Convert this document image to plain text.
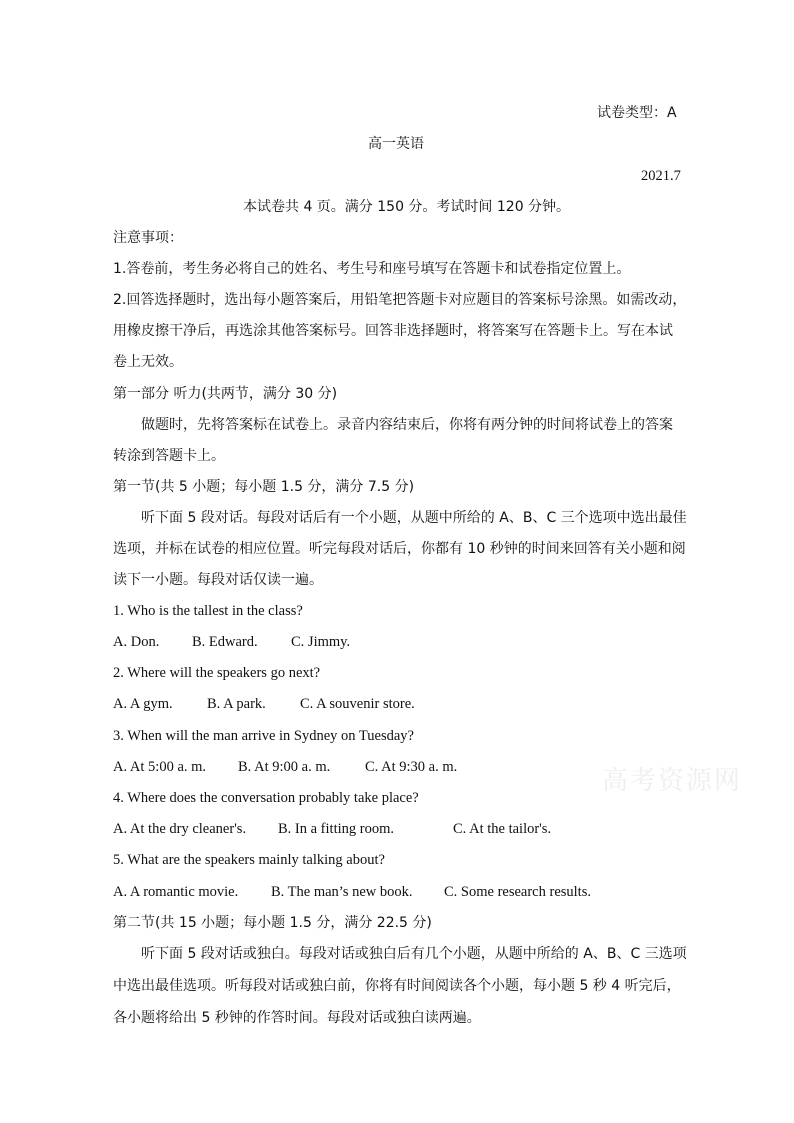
试卷类型：A
高一英语
2021.7
本试卷共 4 页。满分 150 分。考试时间 120 分钟。
注意事项：
1.答卷前，考生务必将自己的姓名、考生号和座号填写在答题卡和试卷指定位置上。
2.回答选择题时，选出每小题答案后，用铅笔把答题卡对应题目的答案标号涂黑。如需改动，
用橡皮擦干净后，再选涂其他答案标号。回答非选择题时，将答案写在答题卡上。写在本试
卷上无效。
第一部分 听力(共两节，满分 30 分)
做题时，先将答案标在试卷上。录音内容结束后，你将有两分钟的时间将试卷上的答案
转涂到答题卡上。
第一节(共 5 小题；每小题 1.5 分，满分 7.5 分)
听下面 5 段对话。每段对话后有一个小题，从题中所给的 A、B、C 三个选项中选出最佳
选项，并标在试卷的相应位置。听完每段对话后，你都有 10 秒钟的时间来回答有关小题和阅
读下一小题。每段对话仅读一遍。
1. Who is the tallest in the class?
A. Don. B. Edward. C. Jimmy.
2. Where will the speakers go next?
A. A gym. B. A park. C. A souvenir store.
3. When will the man arrive in Sydney on Tuesday?
A. At 5:00 a. m. B. At 9:00 a. m. C. At 9:30 a. m.	高考资源网
4. Where does the conversation probably take place?
A. At the dry cleaner's. B. In a fitting room.	C. At the tailor's.
5. What are the speakers mainly talking about?
A. A romantic movie. B. The man’s new book. C. Some research results.
第二节(共 15 小题；每小题 1.5 分，满分 22.5 分)
听下面 5 段对话或独白。每段对话或独白后有几个小题，从题中所给的 A、B、C 三选项
中选出最佳选项。听每段对话或独白前，你将有时间阅读各个小题，每小题 5 秒 4 听完后，
各小题将给出 5 秒钟的作答时间。每段对话或独白读两遍。
